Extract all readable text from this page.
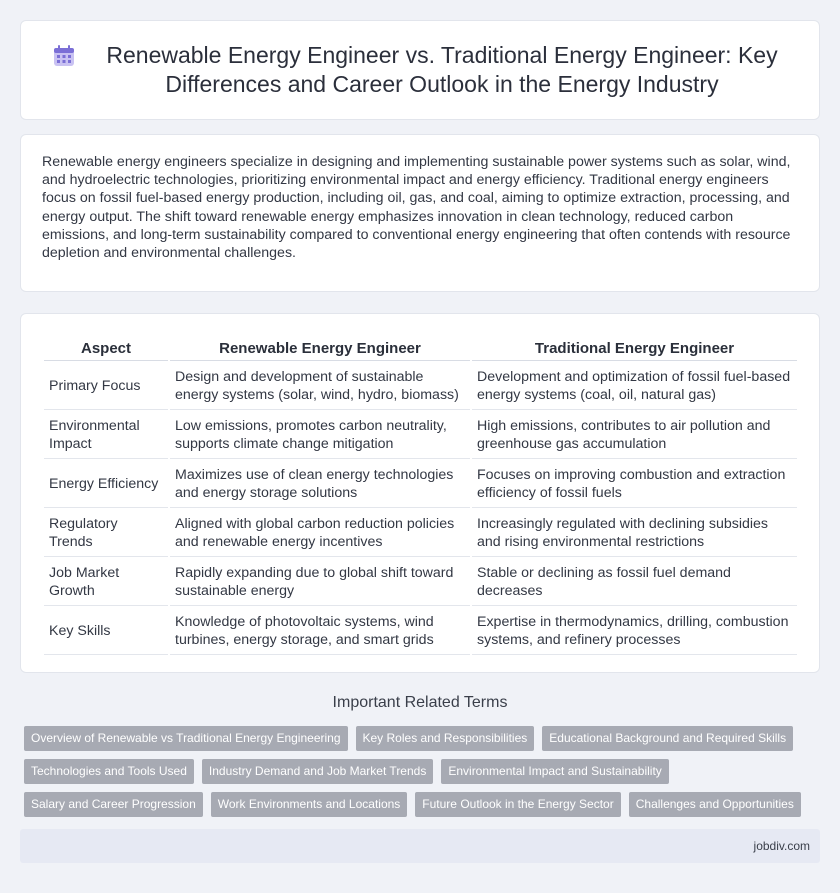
Renewable Energy Engineer vs. Traditional Energy Engineer: Key Differences and Career Outlook in the Energy Industry

Renewable energy engineers specialize in designing and implementing sustainable power systems such as solar, wind, and hydroelectric technologies, prioritizing environmental impact and energy efficiency. Traditional energy engineers focus on fossil fuel-based energy production, including oil, gas, and coal, aiming to optimize extraction, processing, and energy output. The shift toward renewable energy emphasizes innovation in clean technology, reduced carbon emissions, and long-term sustainability compared to conventional energy engineering that often contends with resource depletion and environmental challenges.

Aspect	Renewable Energy Engineer	Traditional Energy Engineer
Primary Focus	Design and development of sustainable energy systems (solar, wind, hydro, biomass)	Development and optimization of fossil fuel-based energy systems (coal, oil, natural gas)
Environmental Impact	Low emissions, promotes carbon neutrality, supports climate change mitigation	High emissions, contributes to air pollution and greenhouse gas accumulation
Energy Efficiency	Maximizes use of clean energy technologies and energy storage solutions	Focuses on improving combustion and extraction efficiency of fossil fuels
Regulatory Trends	Aligned with global carbon reduction policies and renewable energy incentives	Increasingly regulated with declining subsidies and rising environmental restrictions
Job Market Growth	Rapidly expanding due to global shift toward sustainable energy	Stable or declining as fossil fuel demand decreases
Key Skills	Knowledge of photovoltaic systems, wind turbines, energy storage, and smart grids	Expertise in thermodynamics, drilling, combustion systems, and refinery processes
Important Related Terms
Overview of Renewable vs Traditional Energy Engineering	Key Roles and Responsibilities	Educational Background and Required Skills
Technologies and Tools Used	Industry Demand and Job Market Trends	Environmental Impact and Sustainability
Salary and Career Progression	Work Environments and Locations	Future Outlook in the Energy Sector	Challenges and Opportunities
jobdiv.com
